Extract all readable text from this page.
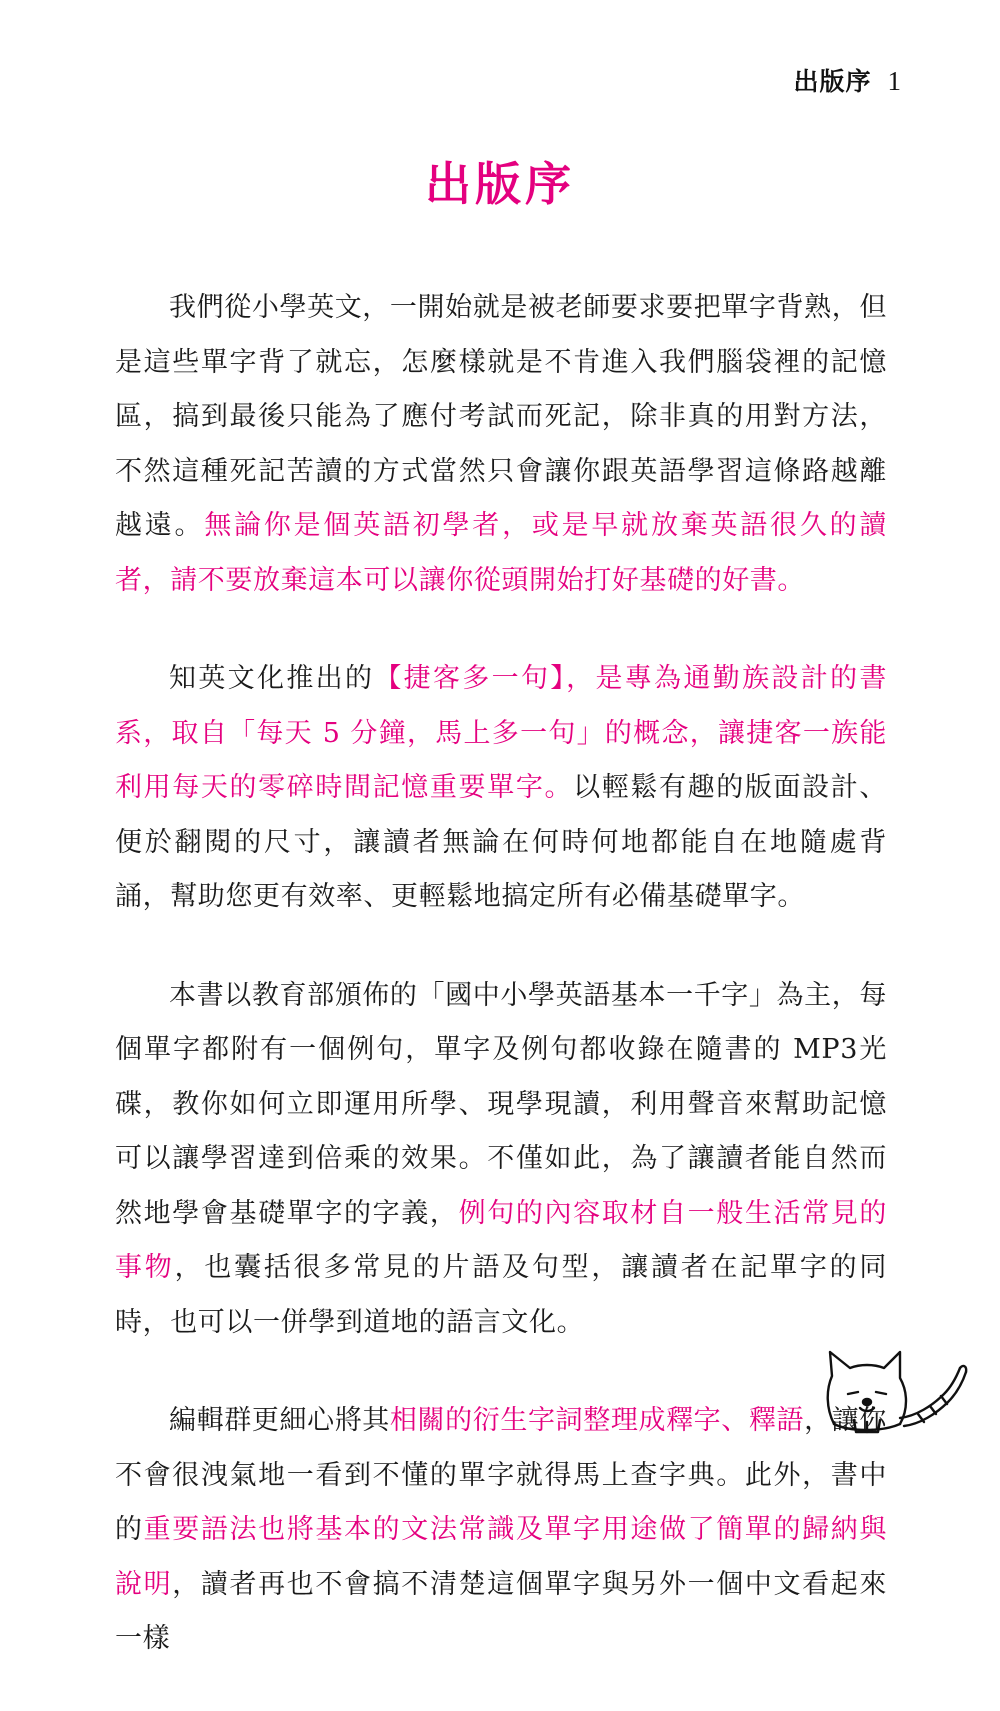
出版序 1
出版序

我們從小學英文，一開始就是被老師要求要把單字背熟，但是這些單字背了就忘，怎麼樣就是不肯進入我們腦袋裡的記憶區，搞到最後只能為了應付考試而死記，除非真的用對方法，不然這種死記苦讀的方式當然只會讓你跟英語學習這條路越離越遠。無論你是個英語初學者，或是早就放棄英語很久的讀者，請不要放棄這本可以讓你從頭開始打好基礎的好書。

知英文化推出的【捷客多一句】，是專為通勤族設計的書系，取自「每天 5 分鐘，馬上多一句」的概念，讓捷客一族能利用每天的零碎時間記憶重要單字。以輕鬆有趣的版面設計、便於翻閱的尺寸，讓讀者無論在何時何地都能自在地隨處背誦，幫助您更有效率、更輕鬆地搞定所有必備基礎單字。

本書以教育部頒佈的「國中小學英語基本一千字」為主，每個單字都附有一個例句，單字及例句都收錄在隨書的 MP3光碟，教你如何立即運用所學、現學現讀，利用聲音來幫助記憶可以讓學習達到倍乘的效果。不僅如此，為了讓讀者能自然而然地學會基礎單字的字義，例句的內容取材自一般生活常見的事物，也囊括很多常見的片語及句型，讓讀者在記單字的同時，也可以一併學到道地的語言文化。

編輯群更細心將其相關的衍生字詞整理成釋字、釋語，讓你不會很洩氣地一看到不懂的單字就得馬上查字典。此外，書中的重要語法也將基本的文法常識及單字用途做了簡單的歸納與說明，讀者再也不會搞不清楚這個單字與另外一個中文看起來一樣
